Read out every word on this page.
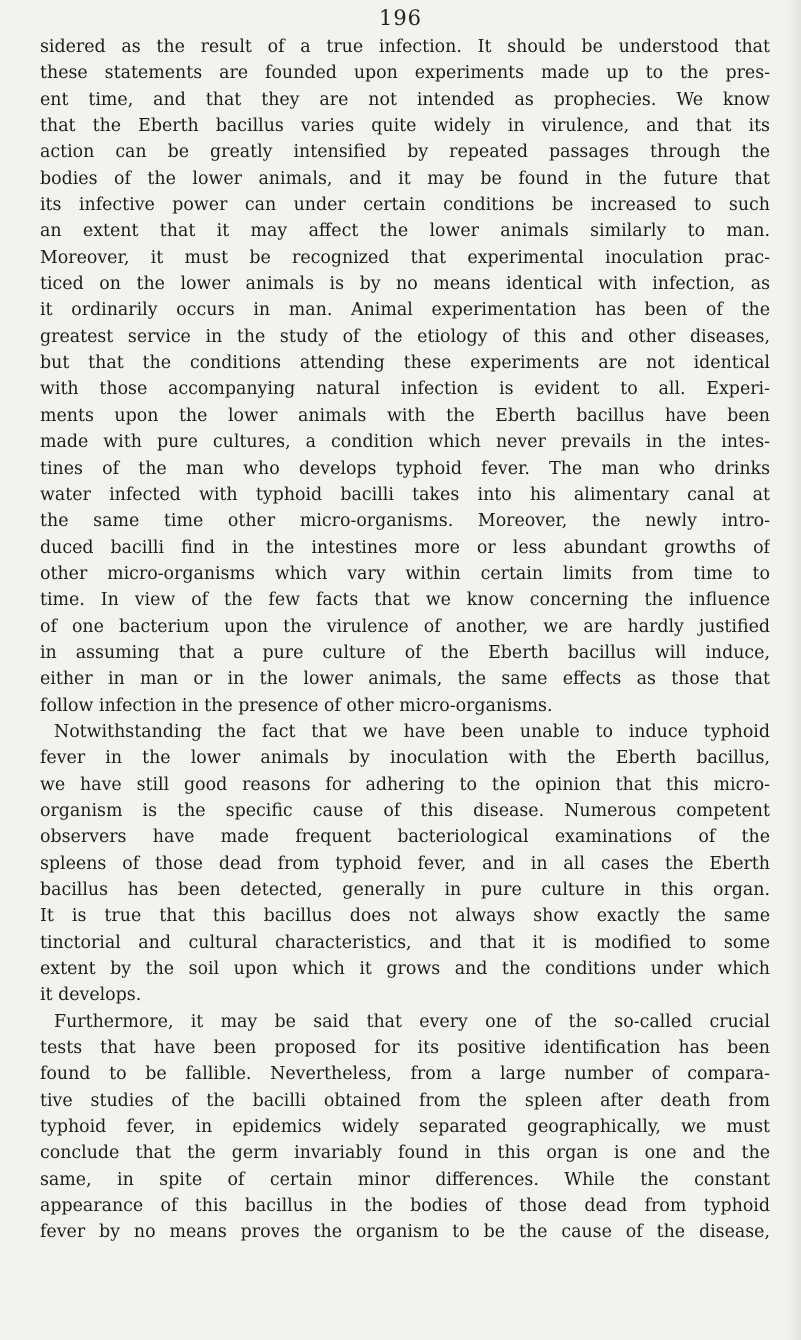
196
sidered as the result of a true infection. It should be understood that
these statements are founded upon experiments made up to the pres-
ent time, and that they are not intended as prophecies. We know
that the Eberth bacillus varies quite widely in virulence, and that its
action can be greatly intensified by repeated passages through the
bodies of the lower animals, and it may be found in the future that
its infective power can under certain conditions be increased to such
an extent that it may affect the lower animals similarly to man.
Moreover, it must be recognized that experimental inoculation prac-
ticed on the lower animals is by no means identical with infection, as
it ordinarily occurs in man. Animal experimentation has been of the
greatest service in the study of the etiology of this and other diseases,
but that the conditions attending these experiments are not identical
with those accompanying natural infection is evident to all. Experi-
ments upon the lower animals with the Eberth bacillus have been
made with pure cultures, a condition which never prevails in the intes-
tines of the man who develops typhoid fever. The man who drinks
water infected with typhoid bacilli takes into his alimentary canal at
the same time other micro-organisms. Moreover, the newly intro-
duced bacilli find in the intestines more or less abundant growths of
other micro-organisms which vary within certain limits from time to
time. In view of the few facts that we know concerning the influence
of one bacterium upon the virulence of another, we are hardly justified
in assuming that a pure culture of the Eberth bacillus will induce,
either in man or in the lower animals, the same effects as those that
follow infection in the presence of other micro-organisms.
Notwithstanding the fact that we have been unable to induce typhoid
fever in the lower animals by inoculation with the Eberth bacillus,
we have still good reasons for adhering to the opinion that this micro-
organism is the specific cause of this disease. Numerous competent
observers have made frequent bacteriological examinations of the
spleens of those dead from typhoid fever, and in all cases the Eberth
bacillus has been detected, generally in pure culture in this organ.
It is true that this bacillus does not always show exactly the same
tinctorial and cultural characteristics, and that it is modified to some
extent by the soil upon which it grows and the conditions under which
it develops.
Furthermore, it may be said that every one of the so-called crucial
tests that have been proposed for its positive identification has been
found to be fallible. Nevertheless, from a large number of compara-
tive studies of the bacilli obtained from the spleen after death from
typhoid fever, in epidemics widely separated geographically, we must
conclude that the germ invariably found in this organ is one and the
same, in spite of certain minor differences. While the constant
appearance of this bacillus in the bodies of those dead from typhoid
fever by no means proves the organism to be the cause of the disease,
